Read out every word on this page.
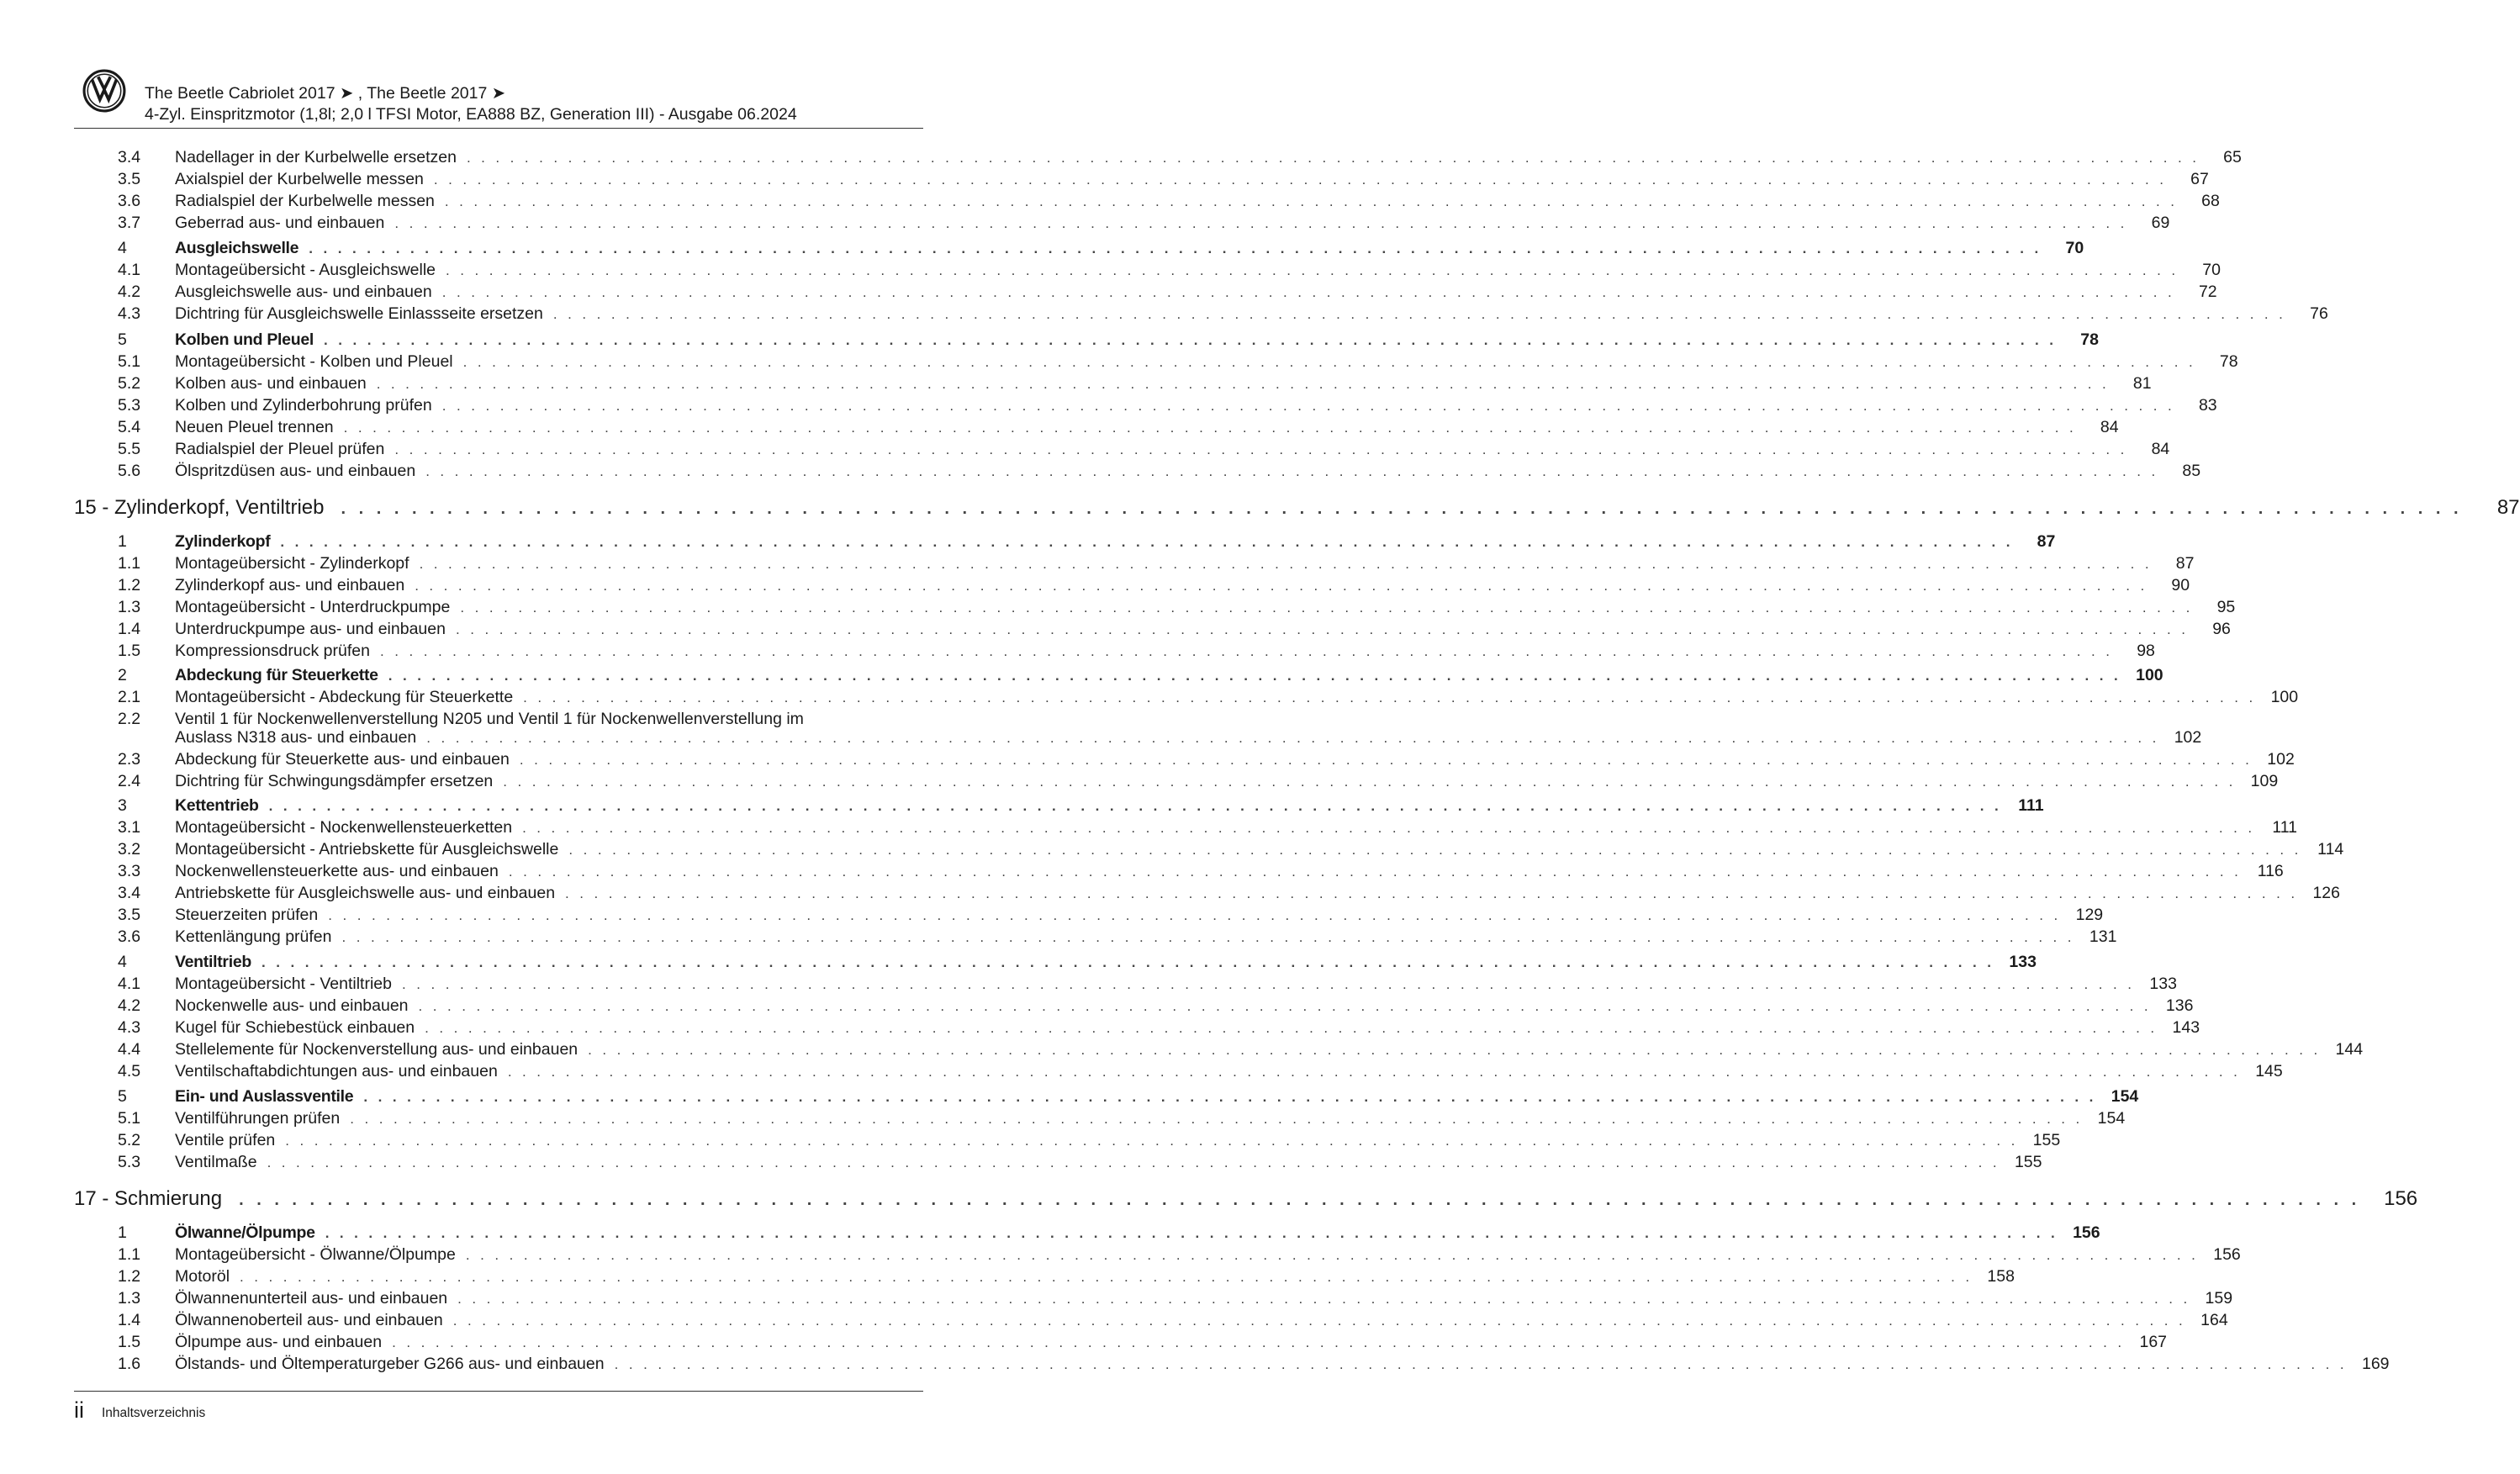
The Beetle Cabriolet 2017 ➤ , The Beetle 2017 ➤
4-Zyl. Einspritzmotor (1,8l; 2,0 l TFSI Motor, EA888 BZ, Generation III) - Ausgabe 06.2024
3.4 Nadellager in der Kurbelwelle ersetzen . . . . . . . . . . . . . . . . . . . . . . . . . . . . . . . . . . . . . . . . . . . . . . . . . . . . . . . . . . . . . . . . . . . . . . . . . . . . . . . . . . . . . . . . . . . . . . . . . . . . . . . . . . . . . . . . . . . . . . . .	65
3.5 Axialspiel der Kurbelwelle messen . . . . . . . . . . . . . . . . . . . . . . . . . . . . . . . . . . . . . . . . . . . . . . . . . . . . . . . . . . . . . . . . . . . . . . . . . . . . . . . . . . . . . . . . . . . . . . . . . . . . . . . . . . . . . . . . . . . . . . . .	67
3.6 Radialspiel der Kurbelwelle messen . . . . . . . . . . . . . . . . . . . . . . . . . . . . . . . . . . . . . . . . . . . . . . . . . . . . . . . . . . . . . . . . . . . . . . . . . . . . . . . . . . . . . . . . . . . . . . . . . . . . . . . . . . . . . . . . . . . . . . . .	68
3.7 Geberrad aus- und einbauen . . . . . . . . . . . . . . . . . . . . . . . . . . . . . . . . . . . . . . . . . . . . . . . . . . . . . . . . . . . . . . . . . . . . . . . . . . . . . . . . . . . . . . . . . . . . . . . . . . . . . . . . . . . . . . . . . . . . . . . .	69
4	Ausgleichswelle . . . . . . . . . . . . . . . . . . . . . . . . . . . . . . . . . . . . . . . . . . . . . . . . . . . . . . . . . . . . . . . . . . . . . . . . . . . . . . . . . . . . . . . . . . . . . . . . . . . . . . . . . . . . . . . . . . . . . . . .	70
4.1 Montageübersicht - Ausgleichswelle . . . . . . . . . . . . . . . . . . . . . . . . . . . . . . . . . . . . . . . . . . . . . . . . . . . . . . . . . . . . . . . . . . . . . . . . . . . . . . . . . . . . . . . . . . . . . . . . . . . . . . . . . . . . . . . . . . . . . . . .	70
4.2 Ausgleichswelle aus- und einbauen . . . . . . . . . . . . . . . . . . . . . . . . . . . . . . . . . . . . . . . . . . . . . . . . . . . . . . . . . . . . . . . . . . . . . . . . . . . . . . . . . . . . . . . . . . . . . . . . . . . . . . . . . . . . . . . . . . . . . . . .	72
4.3 Dichtring für Ausgleichswelle Einlassseite ersetzen . . . . . . . . . . . . . . . . . . . . . . . . . . . . . . . . . . . . . . . . . . . . . . . . . . . . . . . . . . . . . . . . . . . . . . . . . . . . . . . . . . . . . . . . . . . . . . . . . . . . . . . . . . . . . . . . . . . . . . . .	76
5	Kolben und Pleuel . . . . . . . . . . . . . . . . . . . . . . . . . . . . . . . . . . . . . . . . . . . . . . . . . . . . . . . . . . . . . . . . . . . . . . . . . . . . . . . . . . . . . . . . . . . . . . . . . . . . . . . . . . . . . . . . . . . . . . . .	78
5.1 Montageübersicht - Kolben und Pleuel . . . . . . . . . . . . . . . . . . . . . . . . . . . . . . . . . . . . . . . . . . . . . . . . . . . . . . . . . . . . . . . . . . . . . . . . . . . . . . . . . . . . . . . . . . . . . . . . . . . . . . . . . . . . . . . . . . . . . . . .	78
5.2 Kolben aus- und einbauen . . . . . . . . . . . . . . . . . . . . . . . . . . . . . . . . . . . . . . . . . . . . . . . . . . . . . . . . . . . . . . . . . . . . . . . . . . . . . . . . . . . . . . . . . . . . . . . . . . . . . . . . . . . . . . . . . . . . . . . .	81
5.3 Kolben und Zylinderbohrung prüfen . . . . . . . . . . . . . . . . . . . . . . . . . . . . . . . . . . . . . . . . . . . . . . . . . . . . . . . . . . . . . . . . . . . . . . . . . . . . . . . . . . . . . . . . . . . . . . . . . . . . . . . . . . . . . . . . . . . . . . . .	83
5.4 Neuen Pleuel trennen . . . . . . . . . . . . . . . . . . . . . . . . . . . . . . . . . . . . . . . . . . . . . . . . . . . . . . . . . . . . . . . . . . . . . . . . . . . . . . . . . . . . . . . . . . . . . . . . . . . . . . . . . . . . . . . . . . . . . . . .	84
5.5 Radialspiel der Pleuel prüfen . . . . . . . . . . . . . . . . . . . . . . . . . . . . . . . . . . . . . . . . . . . . . . . . . . . . . . . . . . . . . . . . . . . . . . . . . . . . . . . . . . . . . . . . . . . . . . . . . . . . . . . . . . . . . . . . . . . . . . . .	84
5.6 Ölspritzdüsen aus- und einbauen . . . . . . . . . . . . . . . . . . . . . . . . . . . . . . . . . . . . . . . . . . . . . . . . . . . . . . . . . . . . . . . . . . . . . . . . . . . . . . . . . . . . . . . . . . . . . . . . . . . . . . . . . . . . . . . . . . . . . . . .	85
15 - Zylinderkopf, Ventiltrieb . . . . . . . . . . . . . . . . . . . . . . . . . . . . . . . . . . . . . . . . . . . . . . . . . . . . . . . . . . . . . . . . . . . . . . . . . . . . . . . . . . . . . . . . . . . . . . . . . . . . . . . . . . . . . . . . . . . . . . . .	87
1	Zylinderkopf . . . . . . . . . . . . . . . . . . . . . . . . . . . . . . . . . . . . . . . . . . . . . . . . . . . . . . . . . . . . . . . . . . . . . . . . . . . . . . . . . . . . . . . . . . . . . . . . . . . . . . . . . . . . . . . . . . . . . . . .	87
1.1 Montageübersicht - Zylinderkopf . . . . . . . . . . . . . . . . . . . . . . . . . . . . . . . . . . . . . . . . . . . . . . . . . . . . . . . . . . . . . . . . . . . . . . . . . . . . . . . . . . . . . . . . . . . . . . . . . . . . . . . . . . . . . . . . . . . . . . . .	87
1.2 Zylinderkopf aus- und einbauen . . . . . . . . . . . . . . . . . . . . . . . . . . . . . . . . . . . . . . . . . . . . . . . . . . . . . . . . . . . . . . . . . . . . . . . . . . . . . . . . . . . . . . . . . . . . . . . . . . . . . . . . . . . . . . . . . . . . . . . .	90
1.3 Montageübersicht - Unterdruckpumpe . . . . . . . . . . . . . . . . . . . . . . . . . . . . . . . . . . . . . . . . . . . . . . . . . . . . . . . . . . . . . . . . . . . . . . . . . . . . . . . . . . . . . . . . . . . . . . . . . . . . . . . . . . . . . . . . . . . . . . . .	95
1.4 Unterdruckpumpe aus- und einbauen . . . . . . . . . . . . . . . . . . . . . . . . . . . . . . . . . . . . . . . . . . . . . . . . . . . . . . . . . . . . . . . . . . . . . . . . . . . . . . . . . . . . . . . . . . . . . . . . . . . . . . . . . . . . . . . . . . . . . . . .	96
1.5 Kompressionsdruck prüfen . . . . . . . . . . . . . . . . . . . . . . . . . . . . . . . . . . . . . . . . . . . . . . . . . . . . . . . . . . . . . . . . . . . . . . . . . . . . . . . . . . . . . . . . . . . . . . . . . . . . . . . . . . . . . . . . . . . . . . . .	98
2	Abdeckung für Steuerkette . . . . . . . . . . . . . . . . . . . . . . . . . . . . . . . . . . . . . . . . . . . . . . . . . . . . . . . . . . . . . . . . . . . . . . . . . . . . . . . . . . . . . . . . . . . . . . . . . . . . . . . . . . . . . . . . . . . . . . . . 100
2.1 Montageübersicht - Abdeckung für Steuerkette . . . . . . . . . . . . . . . . . . . . . . . . . . . . . . . . . . . . . . . . . . . . . . . . . . . . . . . . . . . . . . . . . . . . . . . . . . . . . . . . . . . . . . . . . . . . . . . . . . . . . . . . . . . . . . . . . . . . . . . . 100
2.2 Ventil 1 für Nockenwellenverstellung N205 und Ventil 1 für Nockenwellenverstellung im
Auslass N318 aus- und einbauen . . . . . . . . . . . . . . . . . . . . . . . . . . . . . . . . . . . . . . . . . . . . . . . . . . . . . . . . . . . . . . . . . . . . . . . . . . . . . . . . . . . . . . . . . . . . . . . . . . . . . . . . . . . . . . . . . . . . . . . . 102
2.3 Abdeckung für Steuerkette aus- und einbauen . . . . . . . . . . . . . . . . . . . . . . . . . . . . . . . . . . . . . . . . . . . . . . . . . . . . . . . . . . . . . . . . . . . . . . . . . . . . . . . . . . . . . . . . . . . . . . . . . . . . . . . . . . . . . . . . . . . . . . . . 102
2.4 Dichtring für Schwingungsdämpfer ersetzen . . . . . . . . . . . . . . . . . . . . . . . . . . . . . . . . . . . . . . . . . . . . . . . . . . . . . . . . . . . . . . . . . . . . . . . . . . . . . . . . . . . . . . . . . . . . . . . . . . . . . . . . . . . . . . . . . . . . . . . . 109
3	Kettentrieb . . . . . . . . . . . . . . . . . . . . . . . . . . . . . . . . . . . . . . . . . . . . . . . . . . . . . . . . . . . . . . . . . . . . . . . . . . . . . . . . . . . . . . . . . . . . . . . . . . . . . . . . . . . . . . . . . . . . . . . .	111
3.1 Montageübersicht - Nockenwellensteuerketten . . . . . . . . . . . . . . . . . . . . . . . . . . . . . . . . . . . . . . . . . . . . . . . . . . . . . . . . . . . . . . . . . . . . . . . . . . . . . . . . . . . . . . . . . . . . . . . . . . . . . . . . . . . . . . . . . . . . . . . .	111
3.2 Montageübersicht - Antriebskette für Ausgleichswelle . . . . . . . . . . . . . . . . . . . . . . . . . . . . . . . . . . . . . . . . . . . . . . . . . . . . . . . . . . . . . . . . . . . . . . . . . . . . . . . . . . . . . . . . . . . . . . . . . . . . . . . . . . . . . . . . . . . . . . . . 114
3.3 Nockenwellensteuerkette aus- und einbauen . . . . . . . . . . . . . . . . . . . . . . . . . . . . . . . . . . . . . . . . . . . . . . . . . . . . . . . . . . . . . . . . . . . . . . . . . . . . . . . . . . . . . . . . . . . . . . . . . . . . . . . . . . . . . . . . . . . . . . . . 116
3.4 Antriebskette für Ausgleichswelle aus- und einbauen . . . . . . . . . . . . . . . . . . . . . . . . . . . . . . . . . . . . . . . . . . . . . . . . . . . . . . . . . . . . . . . . . . . . . . . . . . . . . . . . . . . . . . . . . . . . . . . . . . . . . . . . . . . . . . . . . . . . . . . . 126
3.5 Steuerzeiten prüfen . . . . . . . . . . . . . . . . . . . . . . . . . . . . . . . . . . . . . . . . . . . . . . . . . . . . . . . . . . . . . . . . . . . . . . . . . . . . . . . . . . . . . . . . . . . . . . . . . . . . . . . . . . . . . . . . . . . . . . . . 129
3.6 Kettenlängung prüfen . . . . . . . . . . . . . . . . . . . . . . . . . . . . . . . . . . . . . . . . . . . . . . . . . . . . . . . . . . . . . . . . . . . . . . . . . . . . . . . . . . . . . . . . . . . . . . . . . . . . . . . . . . . . . . . . . . . . . . . . 131
4	Ventiltrieb . . . . . . . . . . . . . . . . . . . . . . . . . . . . . . . . . . . . . . . . . . . . . . . . . . . . . . . . . . . . . . . . . . . . . . . . . . . . . . . . . . . . . . . . . . . . . . . . . . . . . . . . . . . . . . . . . . . . . . . . 133
4.1 Montageübersicht - Ventiltrieb . . . . . . . . . . . . . . . . . . . . . . . . . . . . . . . . . . . . . . . . . . . . . . . . . . . . . . . . . . . . . . . . . . . . . . . . . . . . . . . . . . . . . . . . . . . . . . . . . . . . . . . . . . . . . . . . . . . . . . . . 133
4.2 Nockenwelle aus- und einbauen . . . . . . . . . . . . . . . . . . . . . . . . . . . . . . . . . . . . . . . . . . . . . . . . . . . . . . . . . . . . . . . . . . . . . . . . . . . . . . . . . . . . . . . . . . . . . . . . . . . . . . . . . . . . . . . . . . . . . . . . 136
4.3 Kugel für Schiebestück einbauen . . . . . . . . . . . . . . . . . . . . . . . . . . . . . . . . . . . . . . . . . . . . . . . . . . . . . . . . . . . . . . . . . . . . . . . . . . . . . . . . . . . . . . . . . . . . . . . . . . . . . . . . . . . . . . . . . . . . . . . . 143
4.4 Stellelemente für Nockenverstellung aus- und einbauen . . . . . . . . . . . . . . . . . . . . . . . . . . . . . . . . . . . . . . . . . . . . . . . . . . . . . . . . . . . . . . . . . . . . . . . . . . . . . . . . . . . . . . . . . . . . . . . . . . . . . . . . . . . . . . . . . . . . . . . . 144
4.5 Ventilschaftabdichtungen aus- und einbauen . . . . . . . . . . . . . . . . . . . . . . . . . . . . . . . . . . . . . . . . . . . . . . . . . . . . . . . . . . . . . . . . . . . . . . . . . . . . . . . . . . . . . . . . . . . . . . . . . . . . . . . . . . . . . . . . . . . . . . . . 145
5	Ein- und Auslassventile . . . . . . . . . . . . . . . . . . . . . . . . . . . . . . . . . . . . . . . . . . . . . . . . . . . . . . . . . . . . . . . . . . . . . . . . . . . . . . . . . . . . . . . . . . . . . . . . . . . . . . . . . . . . . . . . . . . . . . . . 154
5.1 Ventilführungen prüfen . . . . . . . . . . . . . . . . . . . . . . . . . . . . . . . . . . . . . . . . . . . . . . . . . . . . . . . . . . . . . . . . . . . . . . . . . . . . . . . . . . . . . . . . . . . . . . . . . . . . . . . . . . . . . . . . . . . . . . . . 154
5.2 Ventile prüfen . . . . . . . . . . . . . . . . . . . . . . . . . . . . . . . . . . . . . . . . . . . . . . . . . . . . . . . . . . . . . . . . . . . . . . . . . . . . . . . . . . . . . . . . . . . . . . . . . . . . . . . . . . . . . . . . . . . . . . . . 155
5.3 Ventilmaße . . . . . . . . . . . . . . . . . . . . . . . . . . . . . . . . . . . . . . . . . . . . . . . . . . . . . . . . . . . . . . . . . . . . . . . . . . . . . . . . . . . . . . . . . . . . . . . . . . . . . . . . . . . . . . . . . . . . . . . . 155
17 - Schmierung . . . . . . . . . . . . . . . . . . . . . . . . . . . . . . . . . . . . . . . . . . . . . . . . . . . . . . . . . . . . . . . . . . . . . . . . . . . . . . . . . . . . . . . . . . . . . . . . . . . . . . . . . . . . . . . . . . . . . . . .	156
1	Ölwanne/Ölpumpe . . . . . . . . . . . . . . . . . . . . . . . . . . . . . . . . . . . . . . . . . . . . . . . . . . . . . . . . . . . . . . . . . . . . . . . . . . . . . . . . . . . . . . . . . . . . . . . . . . . . . . . . . . . . . . . . . . . . . . . . 156
1.1 Montageübersicht - Ölwanne/Ölpumpe . . . . . . . . . . . . . . . . . . . . . . . . . . . . . . . . . . . . . . . . . . . . . . . . . . . . . . . . . . . . . . . . . . . . . . . . . . . . . . . . . . . . . . . . . . . . . . . . . . . . . . . . . . . . . . . . . . . . . . . . 156
1.2 Motoröl . . . . . . . . . . . . . . . . . . . . . . . . . . . . . . . . . . . . . . . . . . . . . . . . . . . . . . . . . . . . . . . . . . . . . . . . . . . . . . . . . . . . . . . . . . . . . . . . . . . . . . . . . . . . . . . . . . . . . . . . 158
1.3 Ölwannenunterteil aus- und einbauen . . . . . . . . . . . . . . . . . . . . . . . . . . . . . . . . . . . . . . . . . . . . . . . . . . . . . . . . . . . . . . . . . . . . . . . . . . . . . . . . . . . . . . . . . . . . . . . . . . . . . . . . . . . . . . . . . . . . . . . . 159
1.4 Ölwannenoberteil aus- und einbauen . . . . . . . . . . . . . . . . . . . . . . . . . . . . . . . . . . . . . . . . . . . . . . . . . . . . . . . . . . . . . . . . . . . . . . . . . . . . . . . . . . . . . . . . . . . . . . . . . . . . . . . . . . . . . . . . . . . . . . . . 164
1.5 Ölpumpe aus- und einbauen . . . . . . . . . . . . . . . . . . . . . . . . . . . . . . . . . . . . . . . . . . . . . . . . . . . . . . . . . . . . . . . . . . . . . . . . . . . . . . . . . . . . . . . . . . . . . . . . . . . . . . . . . . . . . . . . . . . . . . . . 167
1.6 Ölstands- und Öltemperaturgeber G266 aus- und einbauen . . . . . . . . . . . . . . . . . . . . . . . . . . . . . . . . . . . . . . . . . . . . . . . . . . . . . . . . . . . . . . . . . . . . . . . . . . . . . . . . . . . . . . . . . . . . . . . . . . . . . . . . . . . . . . . . . . . . . . . . 169
ii Inhaltsverzeichnis
